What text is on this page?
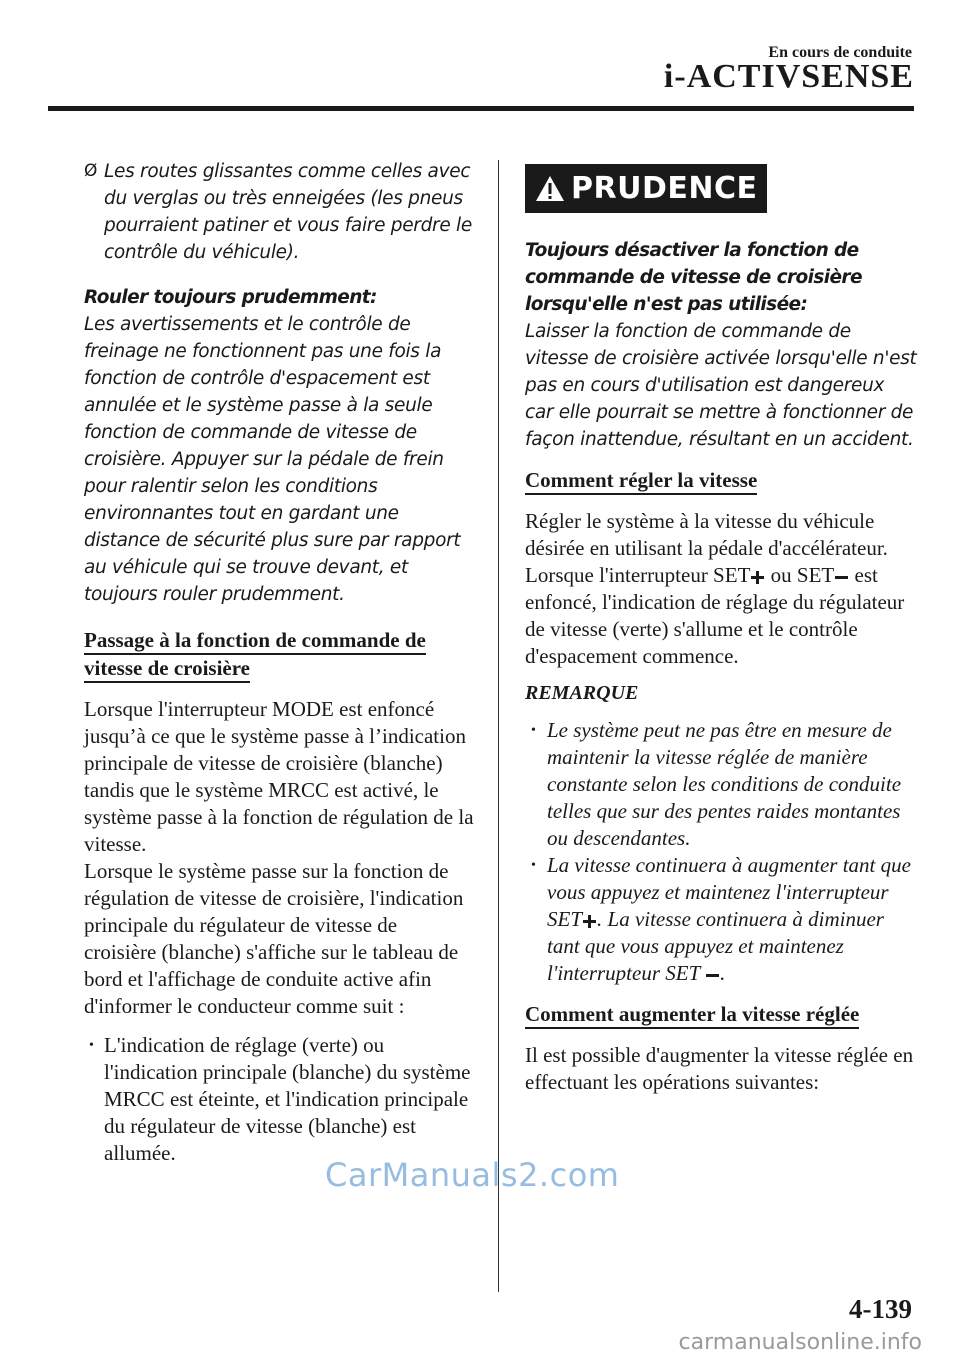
En cours de conduite
i-ACTIVSENSE
Ø Les routes glissantes comme celles avec du verglas ou très enneigées (les pneus pourraient patiner et vous faire perdre le contrôle du véhicule).
Rouler toujours prudemment:
Les avertissements et le contrôle de freinage ne fonctionnent pas une fois la fonction de contrôle d'espacement est annulée et le système passe à la seule fonction de commande de vitesse de croisière. Appuyer sur la pédale de frein pour ralentir selon les conditions environnantes tout en gardant une distance de sécurité plus sure par rapport au véhicule qui se trouve devant, et toujours rouler prudemment.
Passage à la fonction de commande de vitesse de croisière
Lorsque l'interrupteur MODE est enfoncé jusqu’à ce que le système passe à l’indication principale de vitesse de croisière (blanche) tandis que le système MRCC est activé, le système passe à la fonction de régulation de la vitesse.
Lorsque le système passe sur la fonction de régulation de vitesse de croisière, l'indication principale du régulateur de vitesse de croisière (blanche) s'affiche sur le tableau de bord et l'affichage de conduite active afin d'informer le conducteur comme suit :
• L'indication de réglage (verte) ou l'indication principale (blanche) du système MRCC est éteinte, et l'indication principale du régulateur de vitesse (blanche) est allumée.
PRUDENCE
Toujours désactiver la fonction de commande de vitesse de croisière lorsqu'elle n'est pas utilisée:
Laisser la fonction de commande de vitesse de croisière activée lorsqu'elle n'est pas en cours d'utilisation est dangereux car elle pourrait se mettre à fonctionner de façon inattendue, résultant en un accident.
Comment régler la vitesse
Régler le système à la vitesse du véhicule désirée en utilisant la pédale d'accélérateur.
Lorsque l'interrupteur SET ou SET est enfoncé, l'indication de réglage du régulateur de vitesse (verte) s'allume et le contrôle d'espacement commence.
REMARQUE
• Le système peut ne pas être en mesure de maintenir la vitesse réglée de manière constante selon les conditions de conduite telles que sur des pentes raides montantes ou descendantes.
• La vitesse continuera à augmenter tant que vous appuyez et maintenez l'interrupteur SET . La vitesse continuera à diminuer tant que vous appuyez et maintenez l'interrupteur SET .
Comment augmenter la vitesse réglée
Il est possible d'augmenter la vitesse réglée en effectuant les opérations suivantes:
CarManuals2.com
4-139
carmanualsonline.info
